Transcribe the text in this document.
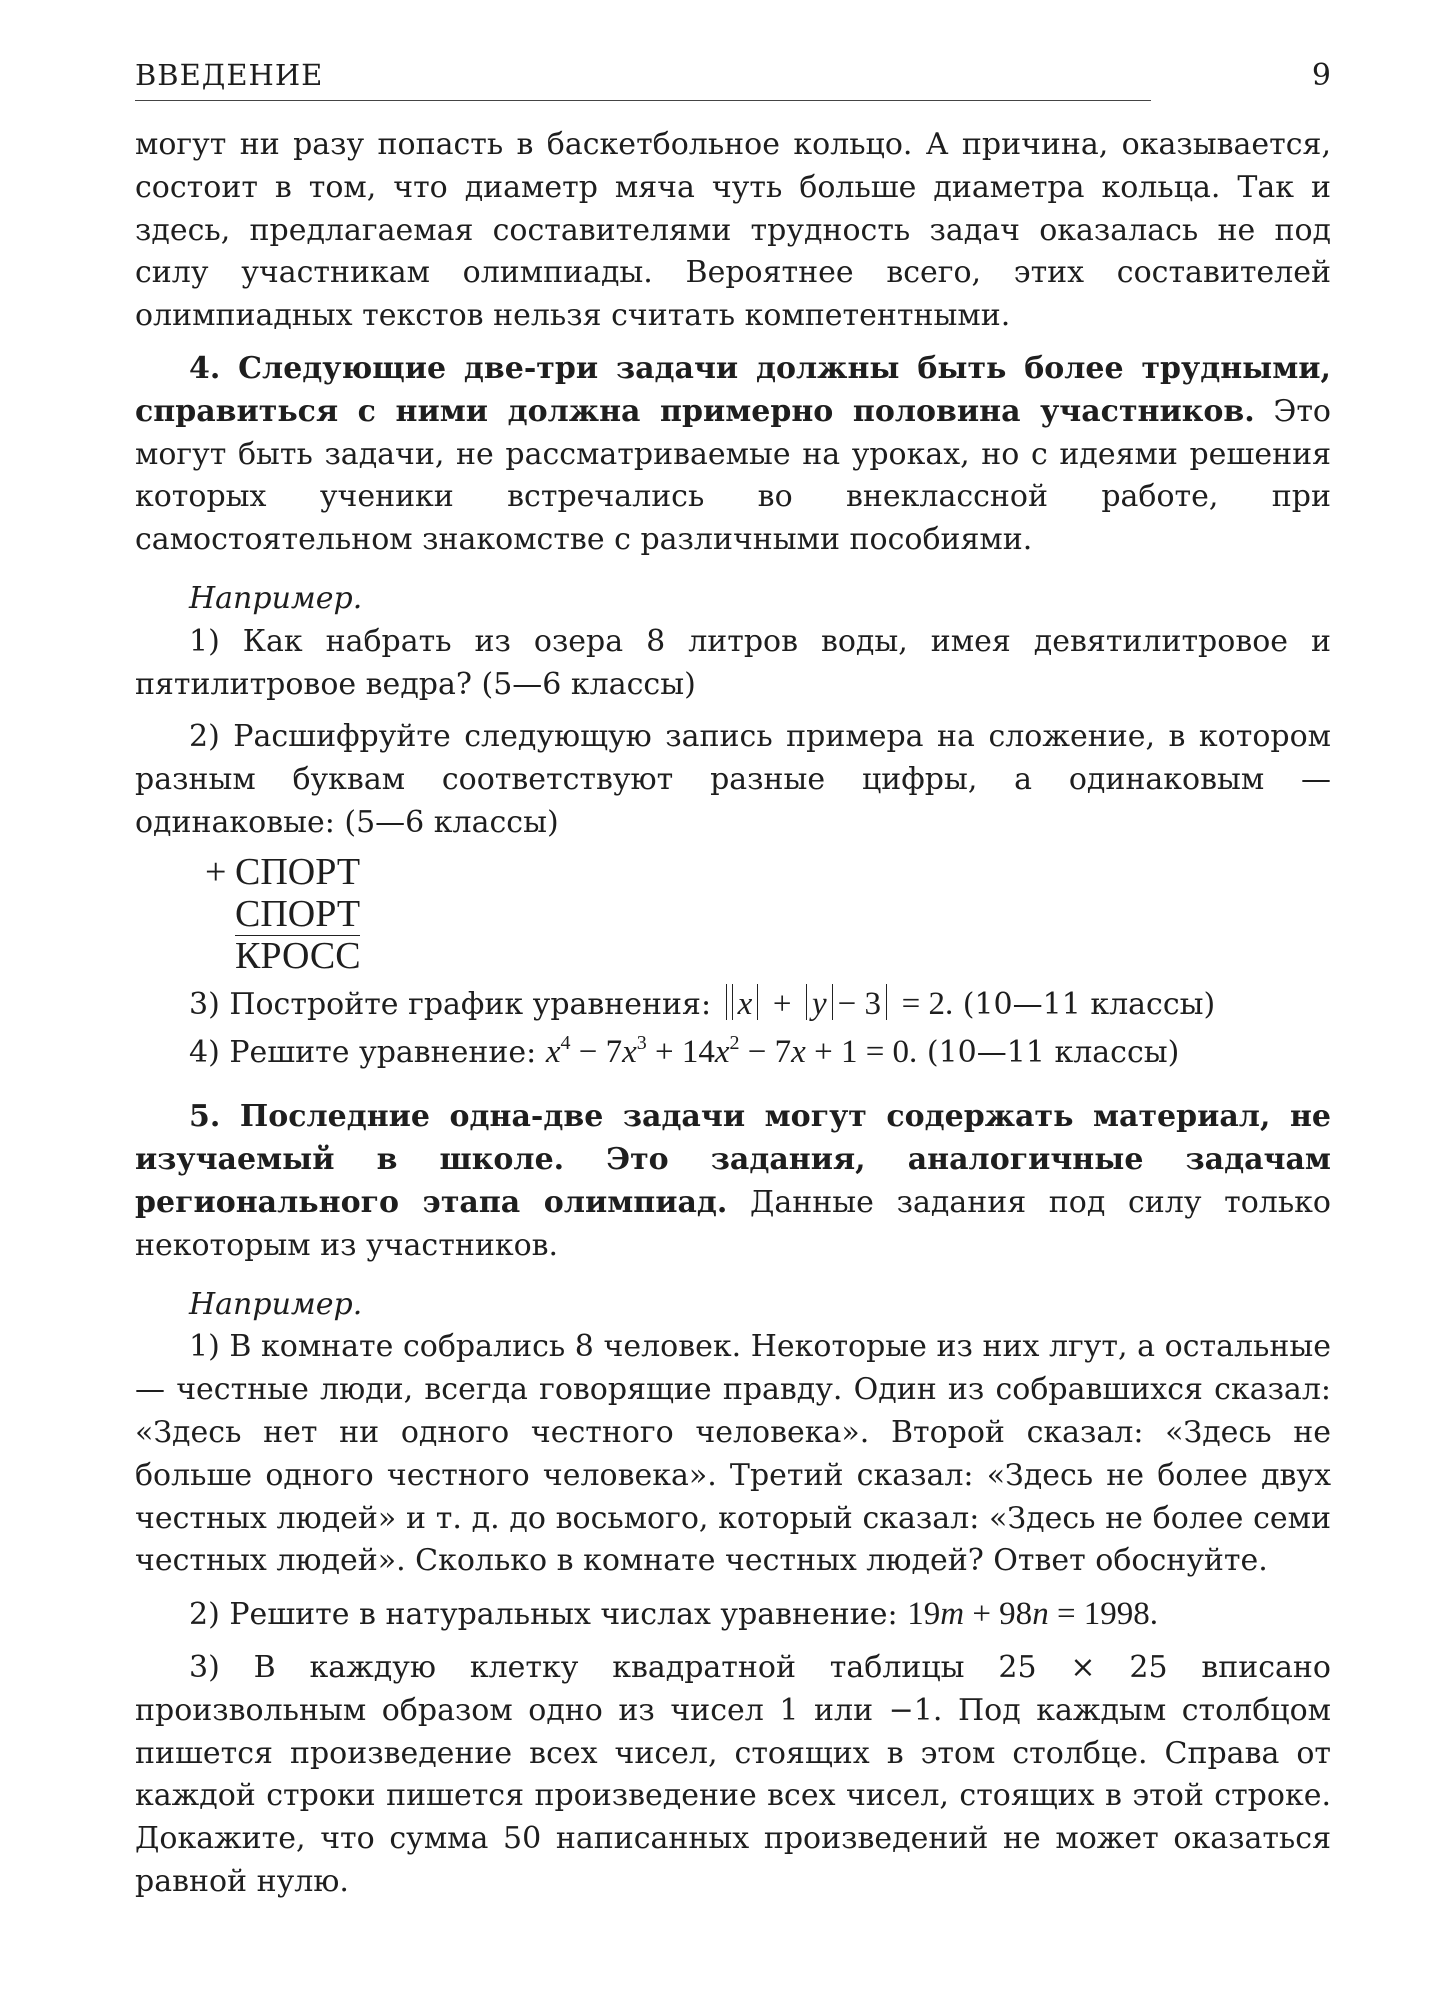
ВВЕДЕНИЕ	9

могут ни разу попасть в баскетбольное кольцо. А причина, оказывается, состоит в том, что диаметр мяча чуть больше диаметра кольца. Так и здесь, предлагаемая составителями трудность задач оказалась не под силу участникам олимпиады. Вероятнее всего, этих составителей олимпиадных текстов нельзя считать компетентными.

4. Следующие две-три задачи должны быть более трудными, справиться с ними должна примерно половина участников. Это могут быть задачи, не рассматриваемые на уроках, но с идеями решения которых ученики встречались во внеклассной работе, при самостоятельном знакомстве с различными пособиями.

Например.

1) Как набрать из озера 8 литров воды, имея девятилитровое и пятилитровое ведра? (5—6 классы)

2) Расшифруйте следующую запись примера на сложение, в котором разным буквам соответствуют разные цифры, а одинаковым — одинаковые: (5—6 классы)

+ СПОРТ
СПОРТ
КРОСС

3) Постройте график уравнения: x + y − 3 = 2. (10—11 классы)

4) Решите уравнение: $x^4 - 7x^3 + 14x^2 - 7x + 1 = 0$. (10—11 классы)

5. Последние одна-две задачи могут содержать материал, не изучаемый в школе. Это задания, аналогичные задачам регионального этапа олимпиад. Данные задания под силу только некоторым из участников.

Например.

1) В комнате собрались 8 человек. Некоторые из них лгут, а остальные — честные люди, всегда говорящие правду. Один из собравшихся сказал: «Здесь нет ни одного честного человека». Второй сказал: «Здесь не больше одного честного человека». Третий сказал: «Здесь не более двух честных людей» и т. д. до восьмого, который сказал: «Здесь не более семи честных людей». Сколько в комнате честных людей? Ответ обоснуйте.

2) Решите в натуральных числах уравнение: 19m + 98n = 1998.

3) В каждую клетку квадратной таблицы 25 × 25 вписано произвольным образом одно из чисел 1 или −1. Под каждым столбцом пишется произведение всех чисел, стоящих в этом столбце. Справа от каждой строки пишется произведение всех чисел, стоящих в этой строке. Докажите, что сумма 50 написанных произведений не может оказаться равной нулю.
